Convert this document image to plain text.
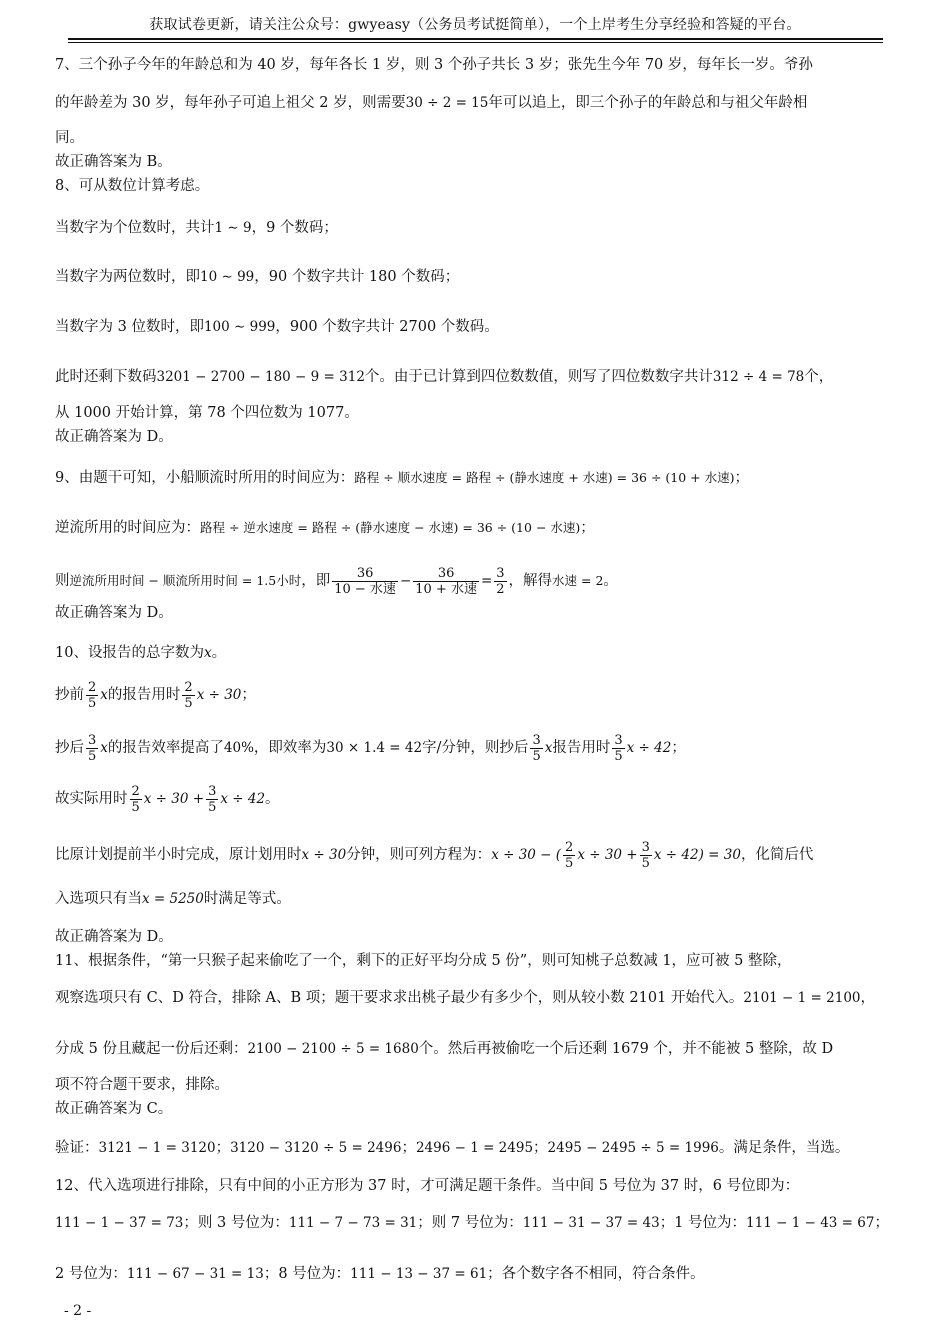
获取试卷更新，请关注公众号：gwyeasy（公务员考试挺简单），一个上岸考生分享经验和答疑的平台。
7、三个孙子今年的年龄总和为 40 岁，每年各长 1 岁，则 3 个孙子共长 3 岁；张先生今年 70 岁，每年长一岁。爷孙
的年龄差为 30 岁，每年孙子可追上祖父 2 岁，则需要30 ÷ 2 = 15年可以追上，即三个孙子的年龄总和与祖父年龄相
同。
故正确答案为 B。
8、可从数位计算考虑。
当数字为个位数时，共计1 ∼ 9，9 个数码；
当数字为两位数时，即10 ∼ 99，90 个数字共计 180 个数码；
当数字为 3 位数时，即100 ∼ 999，900 个数字共计 2700 个数码。
此时还剩下数码3201 − 2700 − 180 − 9 = 312个。由于已计算到四位数数值，则写了四位数数字共计312 ÷ 4 = 78个，
从 1000 开始计算，第 78 个四位数为 1077。
故正确答案为 D。
9、由题干可知，小船顺流时所用的时间应为：路程 ÷ 顺水速度 = 路程 ÷ (静水速度 + 水速) = 36 ÷ (10 + 水速)；
逆流所用的时间应为：路程 ÷ 逆水速度 = 路程 ÷ (静水速度 − 水速) = 36 ÷ (10 − 水速)；
则逆流所用时间 − 顺流所用时间 = 1.5小时，即 $\frac{36}{\text{10 − 水速}} - \frac{36}{\text{10 + 水速}} = \frac{3}{2}$ ，解得水速 = 2。
故正确答案为 D。
10、设报告的总字数为x。
抄前 $\frac{2}{5}$ x的报告用时 $\frac{2}{5}$ x ÷ 30；
抄后 $\frac{3}{5}$ x的报告效率提高了40%，即效率为30 × 1.4 = 42字/分钟，则抄后 $\frac{3}{5}$ x报告用时 $\frac{3}{5}$ x ÷ 42；
故实际用时 $\frac{2}{5}$ $x \div 30 + \frac{3}{5}$ x ÷ 42。
比原计划提前半小时完成，原计划用时x ÷ 30分钟，则可列方程为：x ÷ 30 − ( $\frac{2}{5}$ $x \div 30 + \frac{3}{5}$ x ÷ 42) = 30，化简后代
入选项只有当x = 5250时满足等式。
故正确答案为 D。
11、根据条件，“第一只猴子起来偷吃了一个，剩下的正好平均分成 5 份”，则可知桃子总数减 1，应可被 5 整除，
观察选项只有 C、D 符合，排除 A、B 项；题干要求求出桃子最少有多少个，则从较小数 2101 开始代入。2101 − 1 = 2100，
分成 5 份且藏起一份后还剩：2100 − 2100 ÷ 5 = 1680个。然后再被偷吃一个后还剩 1679 个，并不能被 5 整除，故 D
项不符合题干要求，排除。
故正确答案为 C。
验证：3121 − 1 = 3120；3120 − 3120 ÷ 5 = 2496；2496 − 1 = 2495；2495 − 2495 ÷ 5 = 1996。满足条件，当选。
12、代入选项进行排除，只有中间的小正方形为 37 时，才可满足题干条件。当中间 5 号位为 37 时，6 号位即为：
111 − 1 − 37 = 73；则 3 号位为：111 − 7 − 73 = 31；则 7 号位为：111 − 31 − 37 = 43；1 号位为：111 − 1 − 43 = 67；
2 号位为：111 − 67 − 31 = 13；8 号位为：111 − 13 − 37 = 61；各个数字各不相同，符合条件。
- 2 -
